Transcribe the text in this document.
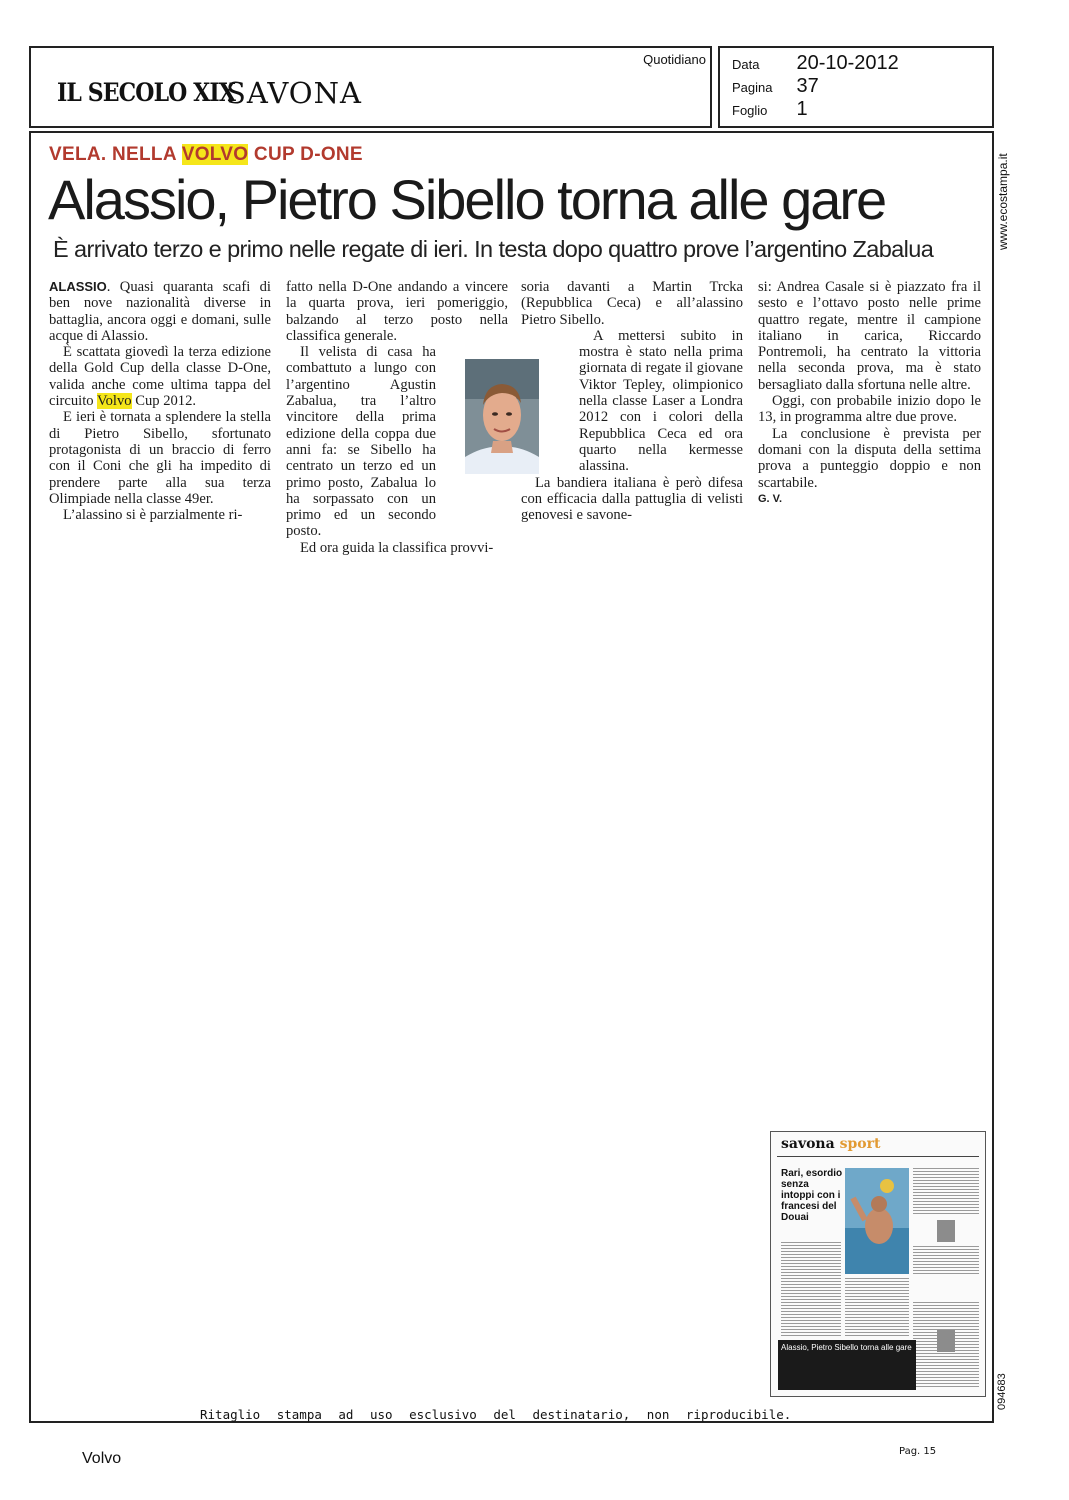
IL SECOLO XIX
SAVONA
Quotidiano Data 20-10-2012
Pagina 37
Foglio 1
VELA. NELLA VOLVO CUP D-ONE
Alassio, Pietro Sibello torna alle gare
È arrivato terzo e primo nelle regate di ieri. In testa dopo quattro prove l’argentino Zabalua

ALASSIO. Quasi quaranta scafi di ben nove nazionalità diverse in battaglia, ancora oggi e domani, sulle acque di Alassio.

È scattata giovedì la terza edizione della Gold Cup della classe D-One, valida anche come ultima tappa del circuito Volvo Cup 2012.

E ieri è tornata a splendere la stella di Pietro Sibello, sfortunato protagonista di un braccio di ferro con il Coni che gli ha impedito di prendere parte alla sua terza Olimpiade nella classe 49er.

L’alassino si è parzialmente ri-

fatto nella D-One andando a vincere la quarta prova, ieri pomeriggio, balzando al terzo posto nella classifica generale.

Il velista di casa ha combattuto a lungo con l’argentino Agustin Zabalua, tra l’altro vincitore della prima edizione della coppa due anni fa: se Sibello ha centrato un terzo ed un primo posto, Zabalua lo ha sorpassato con un primo ed un secondo posto.

Ed ora guida la classifica provvi-

soria davanti a Martin Trcka (Repubblica Ceca) e all’alassino Pietro Sibello.

A mettersi subito in mostra è stato nella prima giornata di regate il giovane Viktor Tepley, olimpionico nella classe Laser a Londra 2012 con i colori della Repubblica Ceca ed ora quarto nella kermesse alassina.

La bandiera italiana è però difesa con efficacia dalla pattuglia di velisti genovesi e savone-

si: Andrea Casale si è piazzato fra il sesto e l’ottavo posto nelle prime quattro regate, mentre il campione italiano in carica, Riccardo Pontremoli, ha centrato la vittoria nella seconda prova, ma è stato bersagliato dalla sfortuna nelle altre.

Oggi, con probabile inizio dopo le 13, in programma altre due prove.

La conclusione è prevista per domani con la disputa della settima prova a punteggio doppio e non scartabile.

G. V.

savona sport
Rari, esordio senza intoppi con i francesi del Douai
Alassio, Pietro Sibello torna alle gare
www.ecostampa.it
094683
Ritaglio stampa ad uso esclusivo del destinatario, non riproducibile.
Volvo	Pag. 15
